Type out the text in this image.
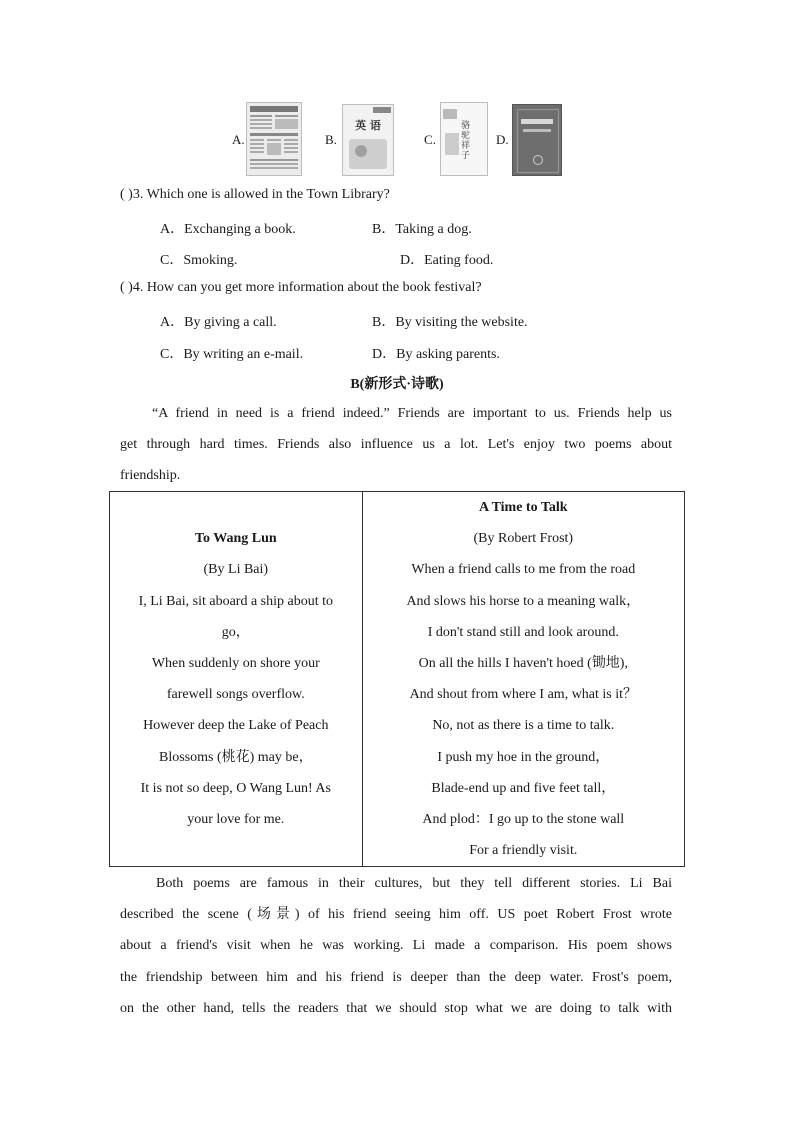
A.	B.
英 语
C.
骆驼祥子
D.
( )3. Which one is allowed in the Town Library?
A．Exchanging a book.	B．Taking a dog.
C．Smoking.	D．Eating food.
( )4. How can you get more information about the book festival?
A．By giving a call.	B．By visiting the website.
C．By writing an e-mail.	D．By asking parents.
B(新形式·诗歌)
“A friend in need is a friend indeed.” Friends are important to us. Friends help us
get through hard times. Friends also influence us a lot. Let's enjoy two poems about
friendship.
To Wang Lun
(By Li Bai)
I, Li Bai, sit aboard a ship about to
go，
When suddenly on shore your
farewell songs overflow.
However deep the Lake of Peach
Blossoms (桃花) may be，
It is not so deep, O Wang Lun! As
your love for me.

A Time to Talk
(By Robert Frost)
When a friend calls to me from the road
And slows his horse to a meaning walk，
I don't stand still and look around.
On all the hills I haven't hoed (锄地),
And shout from where I am, what is it？
No, not as there is a time to talk.
I push my hoe in the ground，
Blade-end up and five feet tall，
And plod：I go up to the stone wall
For a friendly visit.
Both poems are famous in their cultures, but they tell different stories. Li Bai
described the scene (场景) of his friend seeing him off. US poet Robert Frost wrote
about a friend's visit when he was working. Li made a comparison. His poem shows
the friendship between him and his friend is deeper than the deep water. Frost's poem,
on the other hand, tells the readers that we should stop what we are doing to talk with
